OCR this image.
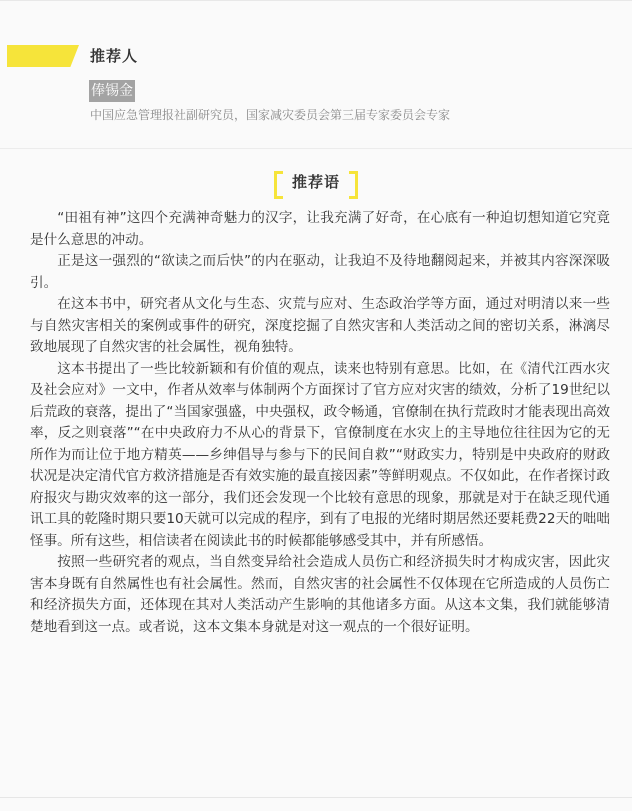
推荐人
俸锡金
中国应急管理报社副研究员，国家减灾委员会第三届专家委员会专家
推荐语

“田祖有神”这四个充满神奇魅力的汉字，让我充满了好奇，在心底有一种迫切想知道它究竟是什么意思的冲动。

正是这一强烈的“欲读之而后快”的内在驱动，让我迫不及待地翻阅起来，并被其内容深深吸引。

在这本书中，研究者从文化与生态、灾荒与应对、生态政治学等方面，通过对明清以来一些与自然灾害相关的案例或事件的研究，深度挖掘了自然灾害和人类活动之间的密切关系，淋漓尽致地展现了自然灾害的社会属性，视角独特。

这本书提出了一些比较新颖和有价值的观点，读来也特别有意思。比如，在《清代江西水灾及社会应对》一文中，作者从效率与体制两个方面探讨了官方应对灾害的绩效，分析了19世纪以后荒政的衰落，提出了“当国家强盛，中央强权，政令畅通，官僚制在执行荒政时才能表现出高效率，反之则衰落”“在中央政府力不从心的背景下，官僚制度在水灾上的主导地位往往因为它的无所作为而让位于地方精英——乡绅倡导与参与下的民间自救”“财政实力，特别是中央政府的财政状况是决定清代官方救济措施是否有效实施的最直接因素”等鲜明观点。不仅如此，在作者探讨政府报灾与勘灾效率的这一部分，我们还会发现一个比较有意思的现象，那就是对于在缺乏现代通讯工具的乾隆时期只要10天就可以完成的程序，到有了电报的光绪时期居然还要耗费22天的咄咄怪事。所有这些，相信读者在阅读此书的时候都能够感受其中，并有所感悟。

按照一些研究者的观点，当自然变异给社会造成人员伤亡和经济损失时才构成灾害，因此灾害本身既有自然属性也有社会属性。然而，自然灾害的社会属性不仅体现在它所造成的人员伤亡和经济损失方面，还体现在其对人类活动产生影响的其他诸多方面。从这本文集，我们就能够清楚地看到这一点。或者说，这本文集本身就是对这一观点的一个很好证明。
